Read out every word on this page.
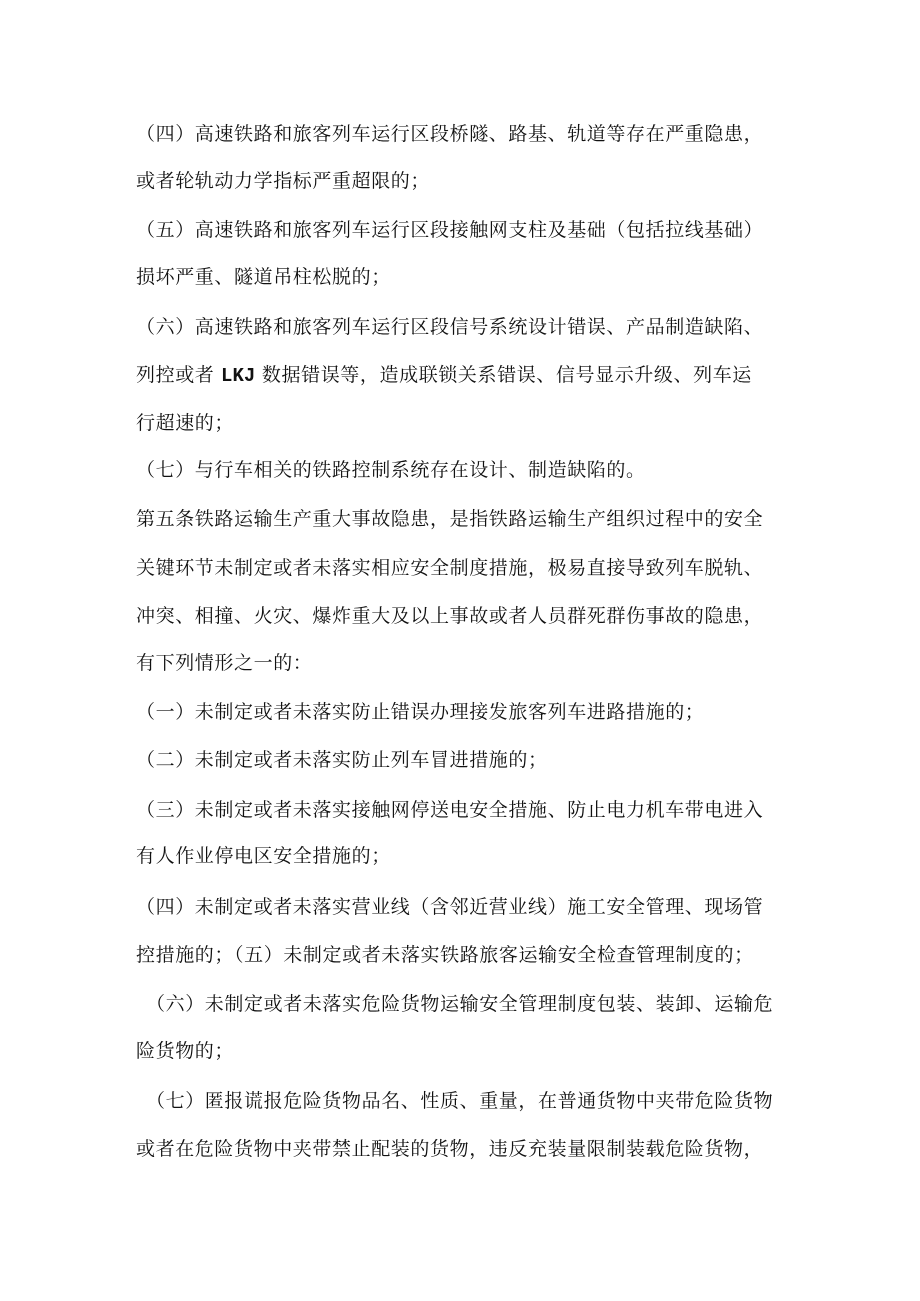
（四）高速铁路和旅客列车运行区段桥隧、路基、轨道等存在严重隐患，
或者轮轨动力学指标严重超限的；
（五）高速铁路和旅客列车运行区段接触网支柱及基础（包括拉线基础）
损坏严重、隧道吊柱松脱的；
（六）高速铁路和旅客列车运行区段信号系统设计错误、产品制造缺陷、
列控或者 LKJ 数据错误等，造成联锁关系错误、信号显示升级、列车运
行超速的；
（七）与行车相关的铁路控制系统存在设计、制造缺陷的。
第五条铁路运输生产重大事故隐患，是指铁路运输生产组织过程中的安全
关键环节未制定或者未落实相应安全制度措施，极易直接导致列车脱轨、
冲突、相撞、火灾、爆炸重大及以上事故或者人员群死群伤事故的隐患，
有下列情形之一的：
（一）未制定或者未落实防止错误办理接发旅客列车进路措施的；
（二）未制定或者未落实防止列车冒进措施的；
（三）未制定或者未落实接触网停送电安全措施、防止电力机车带电进入
有人作业停电区安全措施的；
（四）未制定或者未落实营业线（含邻近营业线）施工安全管理、现场管
控措施的；（五）未制定或者未落实铁路旅客运输安全检查管理制度的；
（六）未制定或者未落实危险货物运输安全管理制度包装、装卸、运输危
险货物的；
（七）匿报谎报危险货物品名、性质、重量，在普通货物中夹带危险货物
或者在危险货物中夹带禁止配装的货物，违反充装量限制装载危险货物，
